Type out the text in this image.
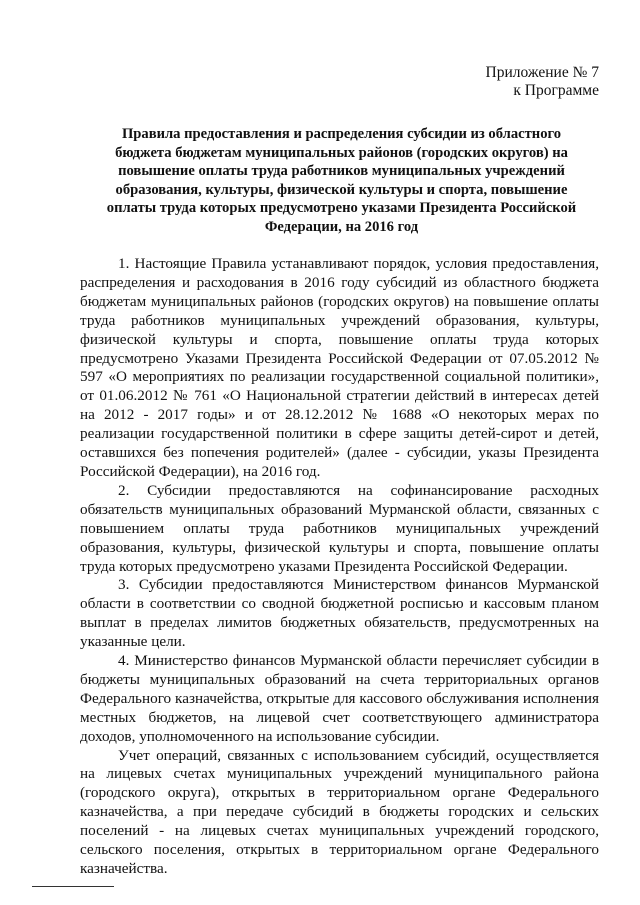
Приложение № 7
к Программе
Правила предоставления и распределения субсидии из областного бюджета бюджетам муниципальных районов (городских округов) на повышение оплаты труда работников муниципальных учреждений образования, культуры, физической культуры и спорта, повышение оплаты труда которых предусмотрено указами Президента Российской Федерации, на 2016 год

1. Настоящие Правила устанавливают порядок, условия предоставления, распределения и расходования в 2016 году субсидий из областного бюджета бюджетам муниципальных районов (городских округов) на повышение оплаты труда работников муниципальных учреждений образования, культуры, физической культуры и спорта, повышение оплаты труда которых предусмотрено Указами Президента Российской Федерации от 07.05.2012 № 597 «О мероприятиях по реализации государственной социальной политики», от 01.06.2012 № 761 «О Национальной стратегии действий в интересах детей на 2012 - 2017 годы» и от 28.12.2012 № 1688 «О некоторых мерах по реализации государственной политики в сфере защиты детей-сирот и детей, оставшихся без попечения родителей» (далее - субсидии, указы Президента Российской Федерации), на 2016 год.

2. Субсидии предоставляются на софинансирование расходных обязательств муниципальных образований Мурманской области, связанных с повышением оплаты труда работников муниципальных учреждений образования, культуры, физической культуры и спорта, повышение оплаты труда которых предусмотрено указами Президента Российской Федерации.

3. Субсидии предоставляются Министерством финансов Мурманской области в соответствии со сводной бюджетной росписью и кассовым планом выплат в пределах лимитов бюджетных обязательств, предусмотренных на указанные цели.

4. Министерство финансов Мурманской области перечисляет субсидии в бюджеты муниципальных образований на счета территориальных органов Федерального казначейства, открытые для кассового обслуживания исполнения местных бюджетов, на лицевой счет соответствующего администратора доходов, уполномоченного на использование субсидии.

Учет операций, связанных с использованием субсидий, осуществляется на лицевых счетах муниципальных учреждений муниципального района (городского округа), открытых в территориальном органе Федерального казначейства, а при передаче субсидий в бюджеты городских и сельских поселений - на лицевых счетах муниципальных учреждений городского, сельского поселения, открытых в территориальном органе Федерального казначейства.
